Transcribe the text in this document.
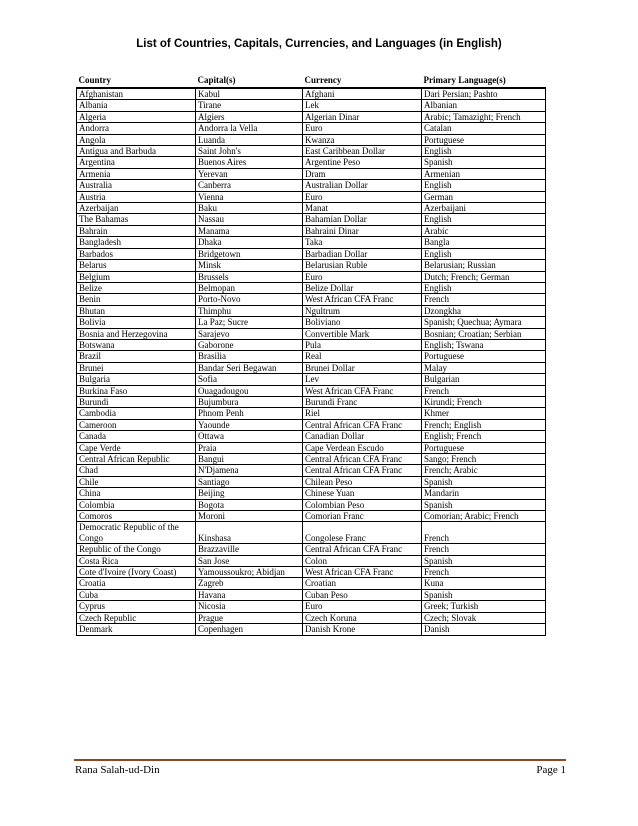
List of Countries, Capitals, Currencies, and Languages (in English)
Country	Capital(s)	Currency	Primary Language(s)
Afghanistan	Kabul	Afghani	Dari Persian; Pashto
Albania	Tirane	Lek	Albanian
Algeria	Algiers	Algerian Dinar	Arabic; Tamazight; French
Andorra	Andorra la Vella	Euro	Catalan
Angola	Luanda	Kwanza	Portuguese
Antigua and Barbuda	Saint John's	East Caribbean Dollar	English
Argentina	Buenos Aires	Argentine Peso	Spanish
Armenia	Yerevan	Dram	Armenian
Australia	Canberra	Australian Dollar	English
Austria	Vienna	Euro	German
Azerbaijan	Baku	Manat	Azerbaijani
The Bahamas	Nassau	Bahamian Dollar	English
Bahrain	Manama	Bahraini Dinar	Arabic
Bangladesh	Dhaka	Taka	Bangla
Barbados	Bridgetown	Barbadian Dollar	English
Belarus	Minsk	Belarusian Ruble	Belarusian; Russian
Belgium	Brussels	Euro	Dutch; French; German
Belize	Belmopan	Belize Dollar	English
Benin	Porto-Novo	West African CFA Franc	French
Bhutan	Thimphu	Ngultrum	Dzongkha
Bolivia	La Paz; Sucre	Boliviano	Spanish; Quechua; Aymara
Bosnia and Herzegovina	Sarajevo	Convertible Mark	Bosnian; Croatian; Serbian
Botswana	Gaborone	Pula	English; Tswana
Brazil	Brasilia	Real	Portuguese
Brunei	Bandar Seri Begawan	Brunei Dollar	Malay
Bulgaria	Sofia	Lev	Bulgarian
Burkina Faso	Ouagadougou	West African CFA Franc	French
Burundi	Bujumbura	Burundi Franc	Kirundi; French
Cambodia	Phnom Penh	Riel	Khmer
Cameroon	Yaounde	Central African CFA Franc	French; English
Canada	Ottawa	Canadian Dollar	English; French
Cape Verde	Praia	Cape Verdean Escudo	Portuguese
Central African Republic	Bangui	Central African CFA Franc	Sango; French
Chad	N'Djamena	Central African CFA Franc	French; Arabic
Chile	Santiago	Chilean Peso	Spanish
China	Beijing	Chinese Yuan	Mandarin
Colombia	Bogota	Colombian Peso	Spanish
Comoros	Moroni	Comorian Franc	Comorian; Arabic; French
Democratic Republic of the Congo	Kinshasa	Congolese Franc	French
Republic of the Congo	Brazzaville	Central African CFA Franc	French
Costa Rica	San Jose	Colon	Spanish
Cote d'Ivoire (Ivory Coast)	Yamoussoukro; Abidjan	West African CFA Franc	French
Croatia	Zagreb	Croatian	Kuna
Cuba	Havana	Cuban Peso	Spanish
Cyprus	Nicosia	Euro	Greek; Turkish
Czech Republic	Prague	Czech Koruna	Czech; Slovak
Denmark	Copenhagen	Danish Krone	Danish
Rana Salah-ud-Din	Page 1
